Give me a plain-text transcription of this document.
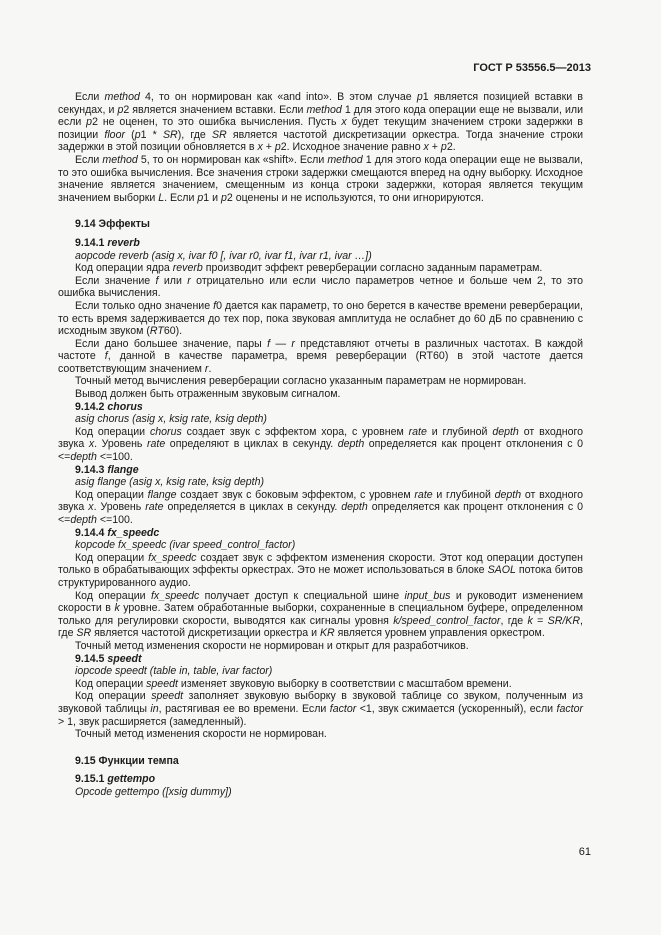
ГОСТ Р 53556.5—2013

Если method 4, то он нормирован как «and into». В этом случае p1 является позицией вставки в секундах, и p2 является значением вставки. Если method 1 для этого кода операции еще не вызвали, или если p2 не оценен, то это ошибка вычисления. Пусть x будет текущим значением строки задержки в позиции floor (p1 * SR), где SR является частотой дискретизации оркестра. Тогда значение строки задержки в этой позиции обновляется в x + p2. Исходное значение равно x + p2.

Если method 5, то он нормирован как «shift». Если method 1 для этого кода операции еще не вызвали, то это ошибка вычисления. Все значения строки задержки смещаются вперед на одну выборку. Исходное значение является значением, смещенным из конца строки задержки, которая является текущим значением выборки L. Если p1 и p2 оценены и не используются, то они игнорируются.

9.14 Эффекты
9.14.1 reverb
aopcode reverb (asig x, ivar f0 [, ivar r0, ivar f1, ivar r1, ivar …])

Код операции ядра reverb производит эффект реверберации согласно заданным параметрам.

Если значение f или r отрицательно или если число параметров четное и больше чем 2, то это ошибка вычисления.

Если только одно значение f0 дается как параметр, то оно берется в качестве времени реверберации, то есть время задерживается до тех пор, пока звуковая амплитуда не ослабнет до 60 дБ по сравнению с исходным звуком (RT60).

Если дано большее значение, пары f — r представляют отчеты в различных частотах. В каждой частоте f, данной в качестве параметра, время реверберации (RT60) в этой частоте дается соответствующим значением r.

Точный метод вычисления реверберации согласно указанным параметрам не нормирован.

Вывод должен быть отраженным звуковым сигналом.

9.14.2 chorus
asig chorus (asig x, ksig rate, ksig depth)

Код операции chorus создает звук с эффектом хора, с уровнем rate и глубиной depth от входного звука x. Уровень rate определяют в циклах в секунду. depth определяется как процент отклонения с 0 <=depth <=100.

9.14.3 flange
asig flange (asig x, ksig rate, ksig depth)

Код операции flange создает звук с боковым эффектом, с уровнем rate и глубиной depth от входного звука x. Уровень rate определяется в циклах в секунду. depth определяется как процент отклонения с 0 <=depth <=100.

9.14.4 fx_speedc
kopcode fx_speedc (ivar speed_control_factor)

Код операции fx_speedc создает звук с эффектом изменения скорости. Этот код операции доступен только в обрабатывающих эффекты оркестрах. Это не может использоваться в блоке SAOL потока битов структурированного аудио.

Код операции fx_speedc получает доступ к специальной шине input_bus и руководит изменением скорости в k уровне. Затем обработанные выборки, сохраненные в специальном буфере, определенном только для регулировки скорости, выводятся как сигналы уровня k/speed_control_factor, где k = SR/KR, где SR является частотой дискретизации оркестра и KR является уровнем управления оркестром.

Точный метод изменения скорости не нормирован и открыт для разработчиков.

9.14.5 speedt
iopcode speedt (table in, table, ivar factor)

Код операции speedt изменяет звуковую выборку в соответствии с масштабом времени.

Код операции speedt заполняет звуковую выборку в звуковой таблице со звуком, полученным из звуковой таблицы in, растягивая ее во времени. Если factor <1, звук сжимается (ускоренный), если factor > 1, звук расширяется (замедленный).

Точный метод изменения скорости не нормирован.

9.15 Функции темпа
9.15.1 gettempo
Opcode gettempo ([xsig dummy])
61
